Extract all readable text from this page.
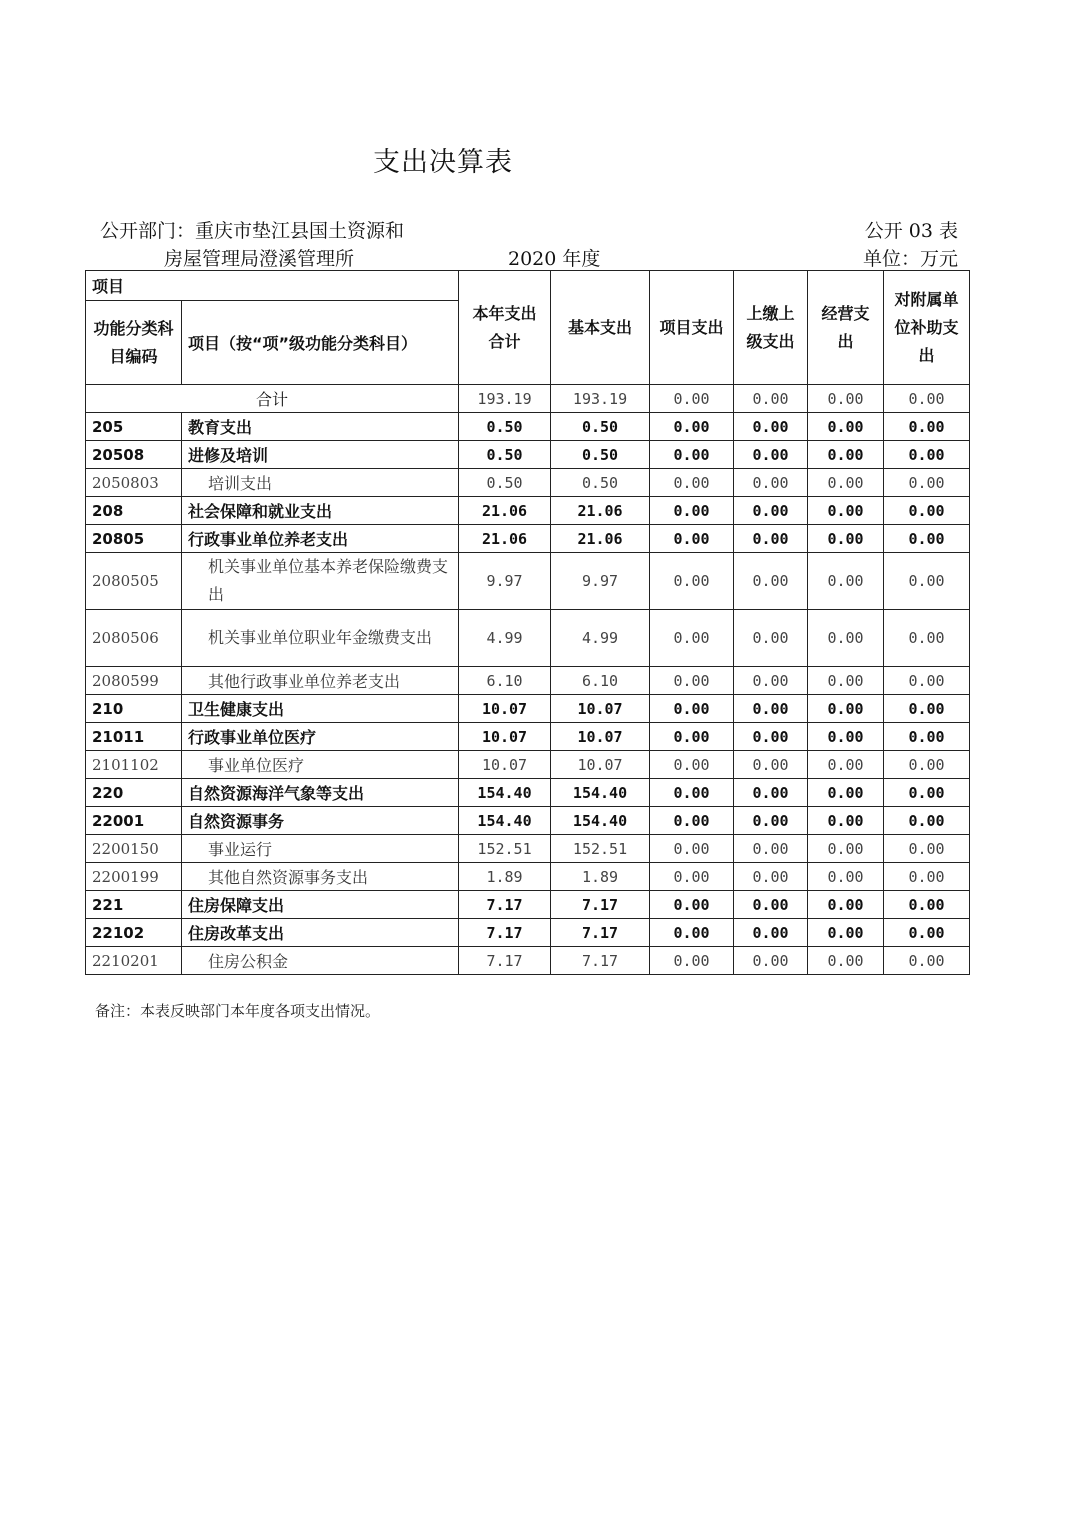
支出决算表
公开部门：重庆市垫江县国土资源和
房屋管理局澄溪管理所	2020 年度
公开 03 表
单位：万元
项目		本年支出合计	基本支出	项目支出	上缴上级支出	经营支出	对附属单位补助支出
功能分类科目编码	项目（按“项”级功能分类科目）						
合计		193.19	193.19	0.00	0.00	0.00	0.00
205	教育支出	0.50	0.50	0.00	0.00	0.00	0.00
20508	进修及培训	0.50	0.50	0.00	0.00	0.00	0.00
2050803	培训支出	0.50	0.50	0.00	0.00	0.00	0.00
208	社会保障和就业支出	21.06	21.06	0.00	0.00	0.00	0.00
20805	行政事业单位养老支出	21.06	21.06	0.00	0.00	0.00	0.00
2080505	机关事业单位基本养老保险缴费支出	9.97	9.97	0.00	0.00	0.00	0.00
2080506	机关事业单位职业年金缴费支出	4.99	4.99	0.00	0.00	0.00	0.00
2080599	其他行政事业单位养老支出	6.10	6.10	0.00	0.00	0.00	0.00
210	卫生健康支出	10.07	10.07	0.00	0.00	0.00	0.00
21011	行政事业单位医疗	10.07	10.07	0.00	0.00	0.00	0.00
2101102	事业单位医疗	10.07	10.07	0.00	0.00	0.00	0.00
220	自然资源海洋气象等支出	154.40	154.40	0.00	0.00	0.00	0.00
22001	自然资源事务	154.40	154.40	0.00	0.00	0.00	0.00
2200150	事业运行	152.51	152.51	0.00	0.00	0.00	0.00
2200199	其他自然资源事务支出	1.89	1.89	0.00	0.00	0.00	0.00
221	住房保障支出	7.17	7.17	0.00	0.00	0.00	0.00
22102	住房改革支出	7.17	7.17	0.00	0.00	0.00	0.00
2210201	住房公积金	7.17	7.17	0.00	0.00	0.00	0.00
备注：本表反映部门本年度各项支出情况。
